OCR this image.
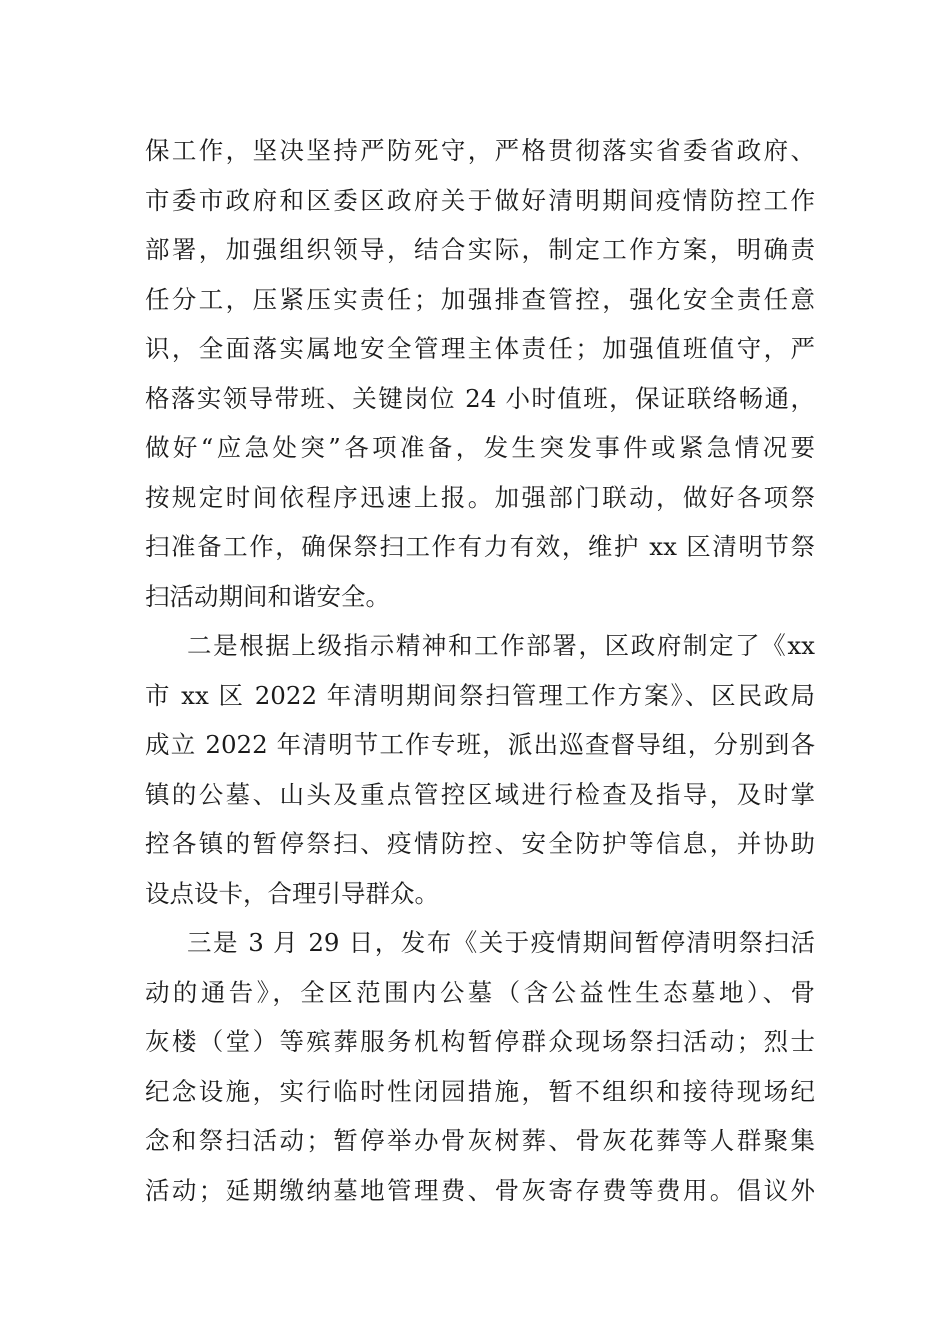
保工作，坚决坚持严防死守，严格贯彻落实省委省政府、
市委市政府和区委区政府关于做好清明期间疫情防控工作
部署，加强组织领导，结合实际，制定工作方案，明确责
任分工，压紧压实责任；加强排查管控，强化安全责任意
识，全面落实属地安全管理主体责任；加强值班值守，严
格落实领导带班、关键岗位 24 小时值班，保证联络畅通，
做好“应急处突”各项准备，发生突发事件或紧急情况要
按规定时间依程序迅速上报。加强部门联动，做好各项祭
扫准备工作，确保祭扫工作有力有效，维护 xx 区清明节祭
扫活动期间和谐安全。
二是根据上级指示精神和工作部署，区政府制定了《xx
市 xx 区 2022 年清明期间祭扫管理工作方案》、区民政局
成立 2022 年清明节工作专班，派出巡查督导组，分别到各
镇的公墓、山头及重点管控区域进行检查及指导，及时掌
控各镇的暂停祭扫、疫情防控、安全防护等信息，并协助
设点设卡，合理引导群众。
三是 3 月 29 日，发布《关于疫情期间暂停清明祭扫活
动的通告》，全区范围内公墓（含公益性生态墓地）、骨
灰楼（堂）等殡葬服务机构暂停群众现场祭扫活动；烈士
纪念设施，实行临时性闭园措施，暂不组织和接待现场纪
念和祭扫活动；暂停举办骨灰树葬、骨灰花葬等人群聚集
活动；延期缴纳墓地管理费、骨灰寄存费等费用。倡议外
